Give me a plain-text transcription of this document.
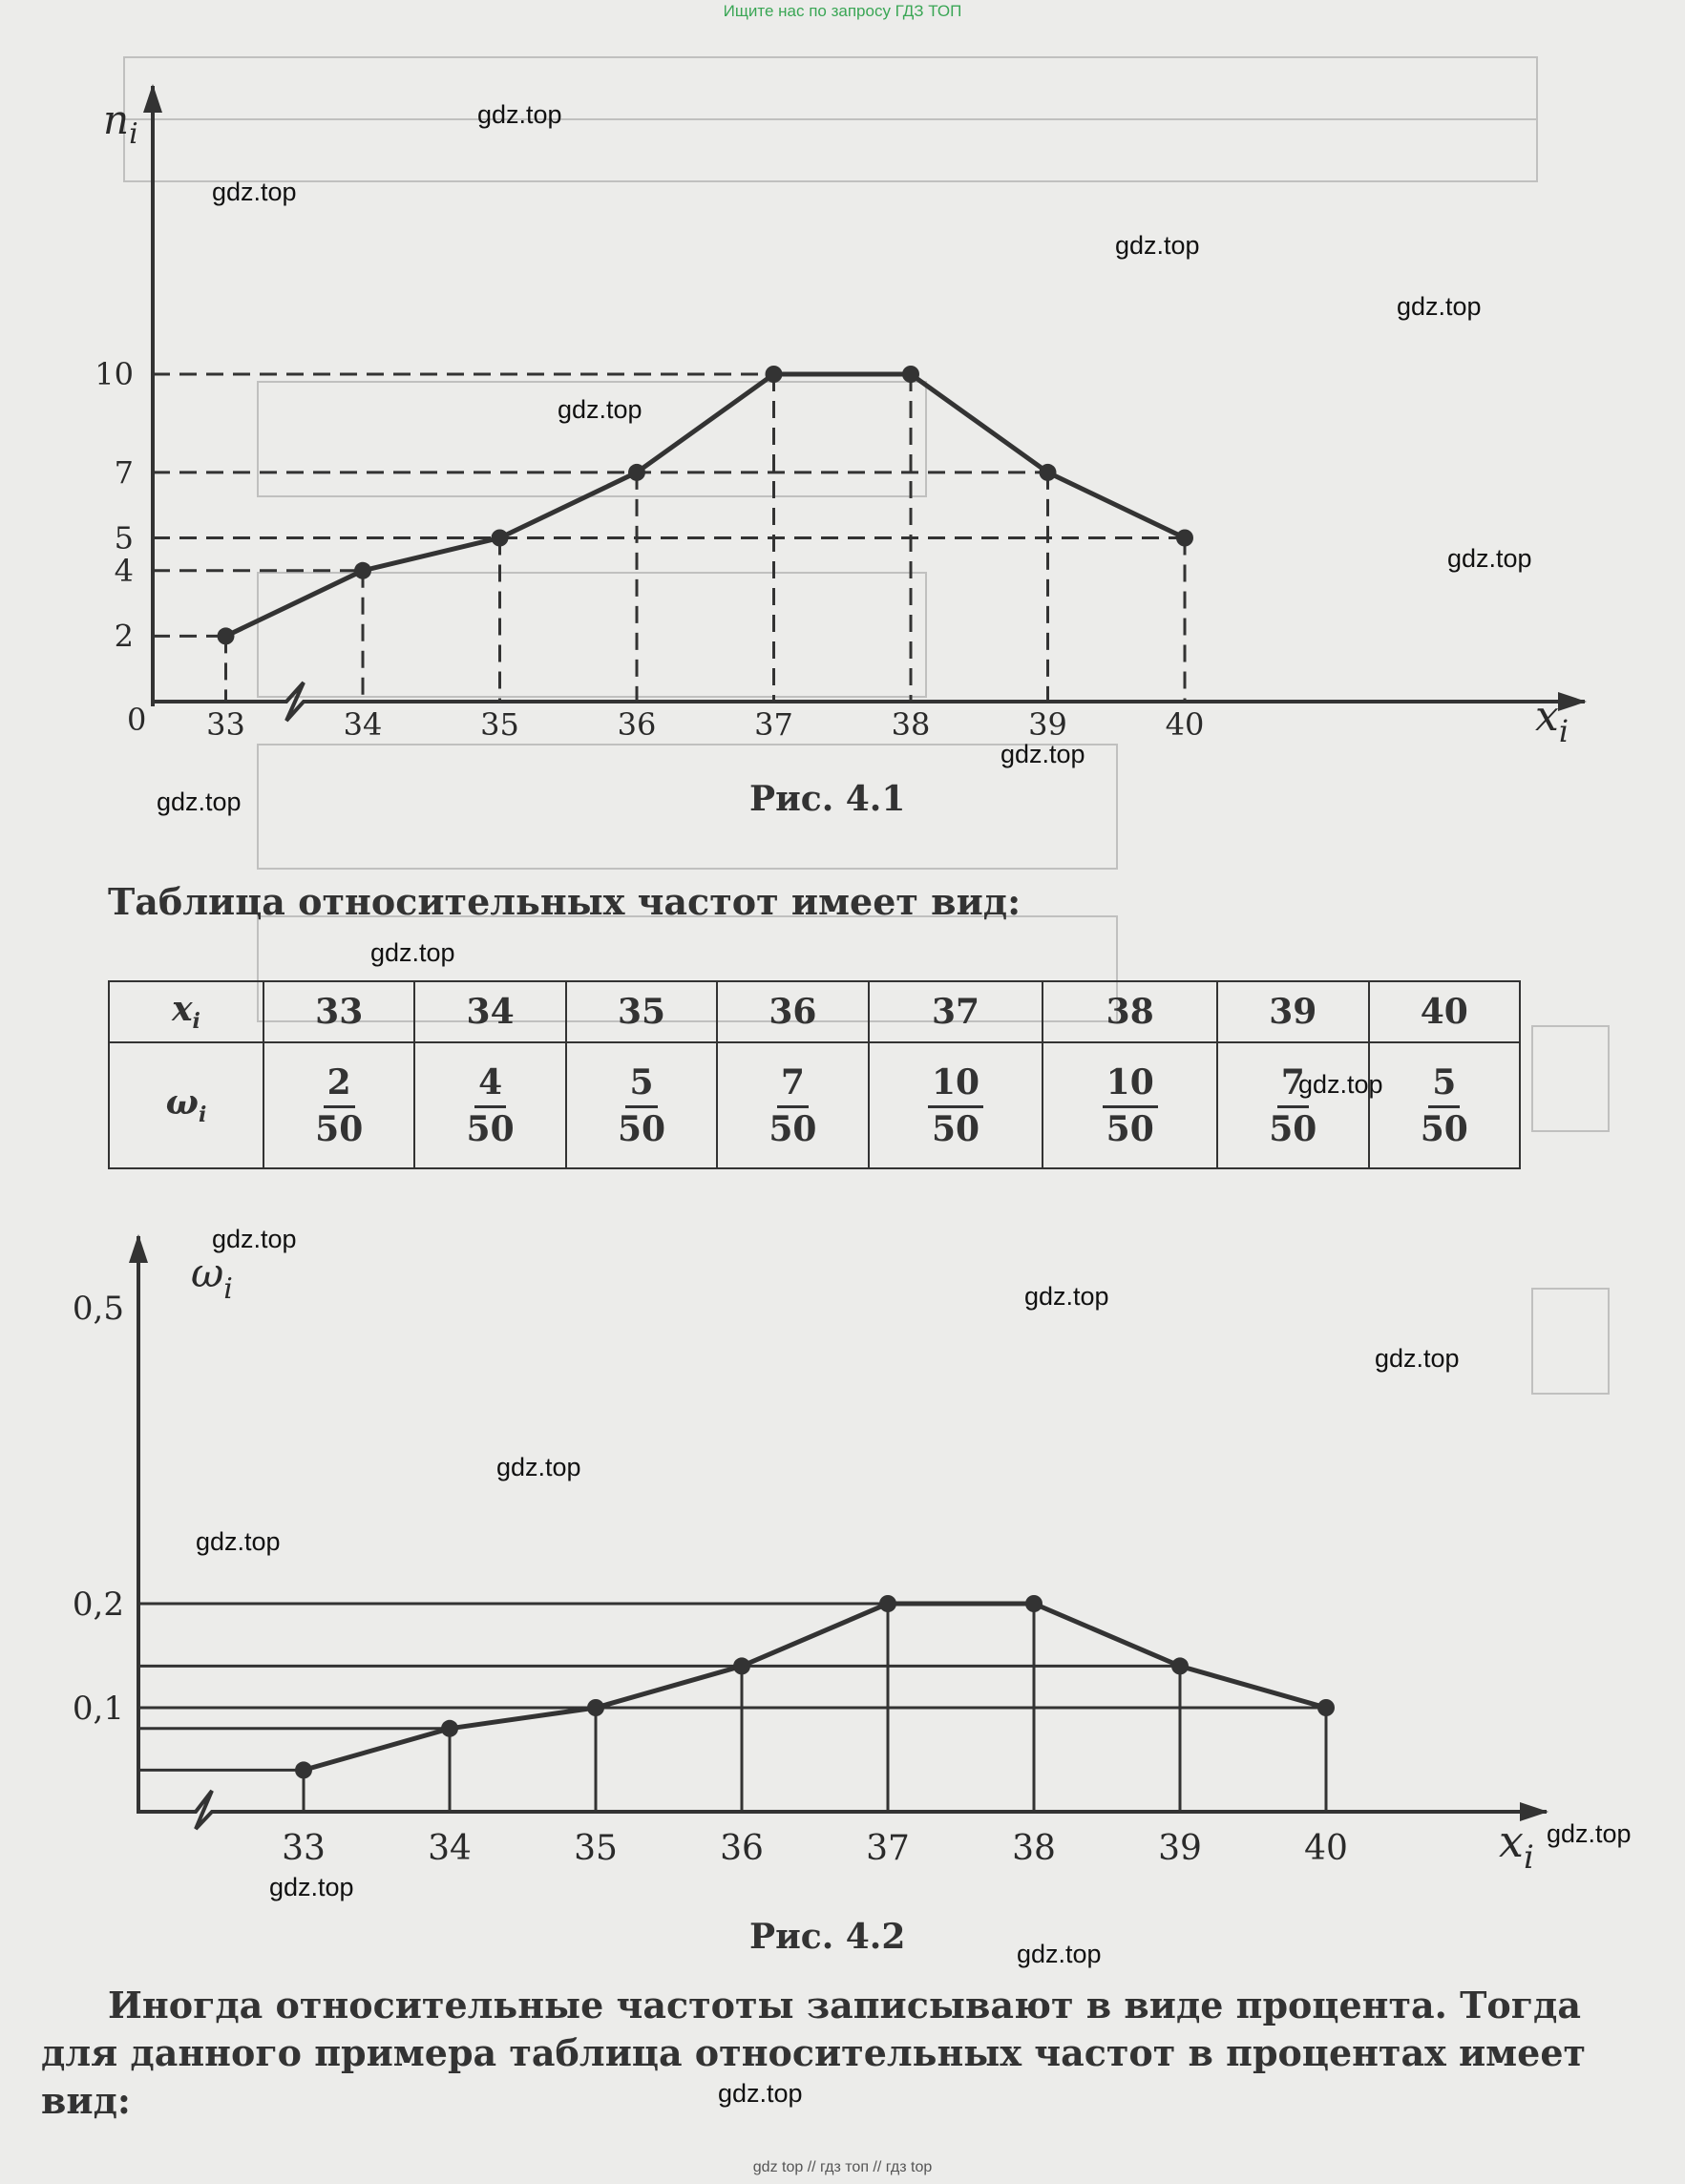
Ищите нас по запросу ГДЗ ТОП
gdz top // гдз топ // гдз top
33	34	35	36	37	38	39	40
2
4
5
7
10
0
$n_i$
$x_i$
Рис. 4.1
Таблица относительных частот имеет вид:
$x_i$	33	34	35	36	37	38	39	40
$\omega_i$	$\frac{2}{50}$	$\frac{4}{50}$	$\frac{5}{50}$	$\frac{7}{50}$	$\frac{10}{50}$	$\frac{10}{50}$	$\frac{7}{50}$	$\frac{5}{50}$
33	34	35	36	37	38	39	40
0,1
0,2
0,5
$\omega_i$
$x_i$
Рис. 4.2
Иногда относительные частоты записывают в виде процента. Тогда
для данного примера таблица относительных частот в процентах имеет
вид:
gdz.top
gdz.top
gdz.top
gdz.top
gdz.top
gdz.top
gdz.top
gdz.top
gdz.top
gdz.top
gdz.top
gdz.top
gdz.top
gdz.top
gdz.top
gdz.top
gdz.top
gdz.top
gdz.top
